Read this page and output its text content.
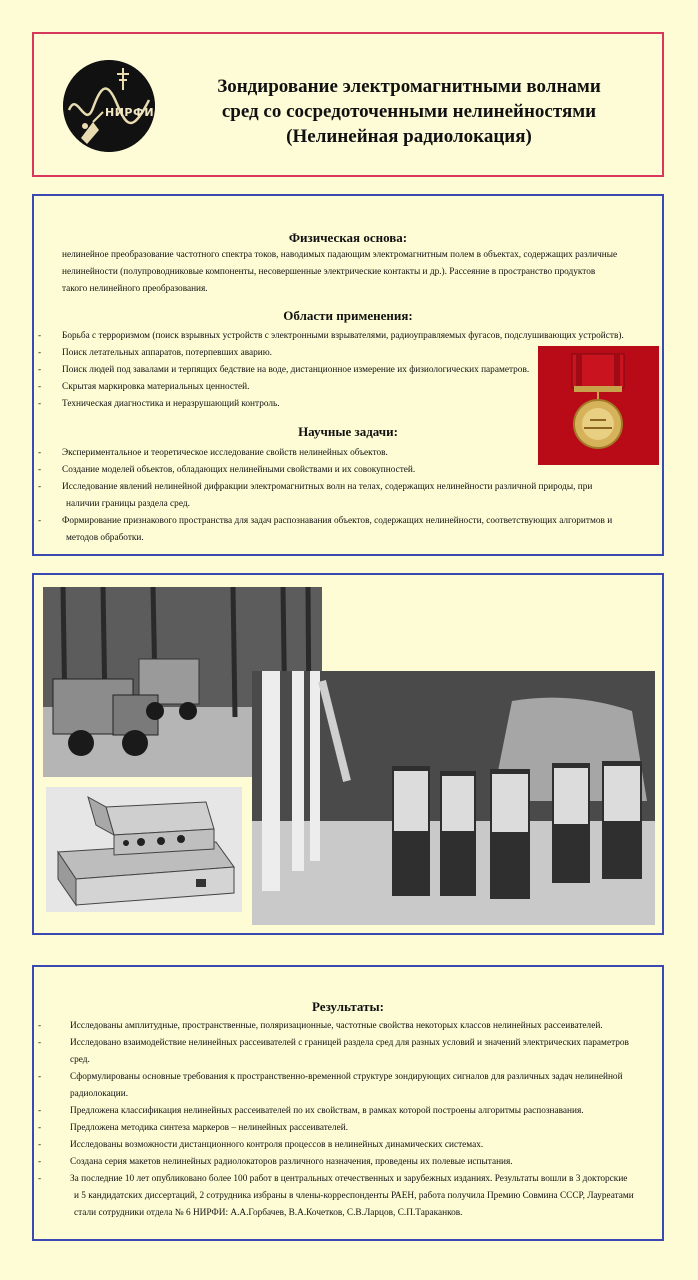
НИРФИ
Зондирование электромагнитными волнами
сред со сосредоточенными нелинейностями
(Нелинейная радиолокация)
Физическая основа:
нелинейное преобразование частотного спектра токов, наводимых падающим электромагнитным полем в объектах, содержащих различные
нелинейности (полупроводниковые компоненты, несовершенные электрические контакты и др.). Рассеяние в пространство продуктов
такого нелинейного преобразования.
Области применения:
-	Борьба с терроризмом (поиск взрывных устройств с электронными взрывателями, радиоуправляемых фугасов, подслушивающих устройств).
-	Поиск летательных аппаратов, потерпевших аварию.
-	Поиск людей под завалами и терпящих бедствие на воде, дистанционное измерение их физиологических параметров.
-	Скрытая маркировка материальных ценностей.
-	Техническая диагностика и неразрушающий контроль.
Научные задачи:
-	Экспериментальное и теоретическое исследование свойств нелинейных объектов.
-	Создание моделей объектов, обладающих нелинейными свойствами и их совокупностей.
-	Исследование явлений нелинейной дифракции электромагнитных волн на телах, содержащих нелинейности различной природы, при
наличии границы раздела сред.
-	Формирование признакового пространства для задач распознавания объектов, содержащих нелинейности, соответствующих алгоритмов и
методов обработки.
Результаты:
-	Исследованы амплитудные, пространственные, поляризационные, частотные свойства некоторых классов нелинейных рассеивателей.
-	Исследовано взаимодействие нелинейных рассеивателей с границей раздела сред для разных условий и значений электрических параметров
сред.
-	Сформулированы основные требования к пространственно-временной структуре зондирующих сигналов для различных задач нелинейной
радиолокации.
-	Предложена классификация нелинейных рассеивателей по их свойствам, в рамках которой построены алгоритмы распознавания.
-	Предложена методика синтеза маркеров – нелинейных рассеивателей.
-	Исследованы возможности дистанционного контроля процессов в нелинейных динамических системах.
-	Создана серия макетов нелинейных радиолокаторов различного назначения, проведены их полевые испытания.
-	За последние 10 лет опубликовано более 100 работ в центральных отечественных и зарубежных изданиях. Результаты вошли в 3 докторские
и 5 кандидатских диссертаций, 2 сотрудника избраны в члены-корреспонденты РАЕН, работа получила Премию Совмина СССР, Лауреатами
стали сотрудники отдела № 6 НИРФИ: А.А.Горбачев, В.А.Кочетков, С.В.Ларцов, С.П.Тараканков.
